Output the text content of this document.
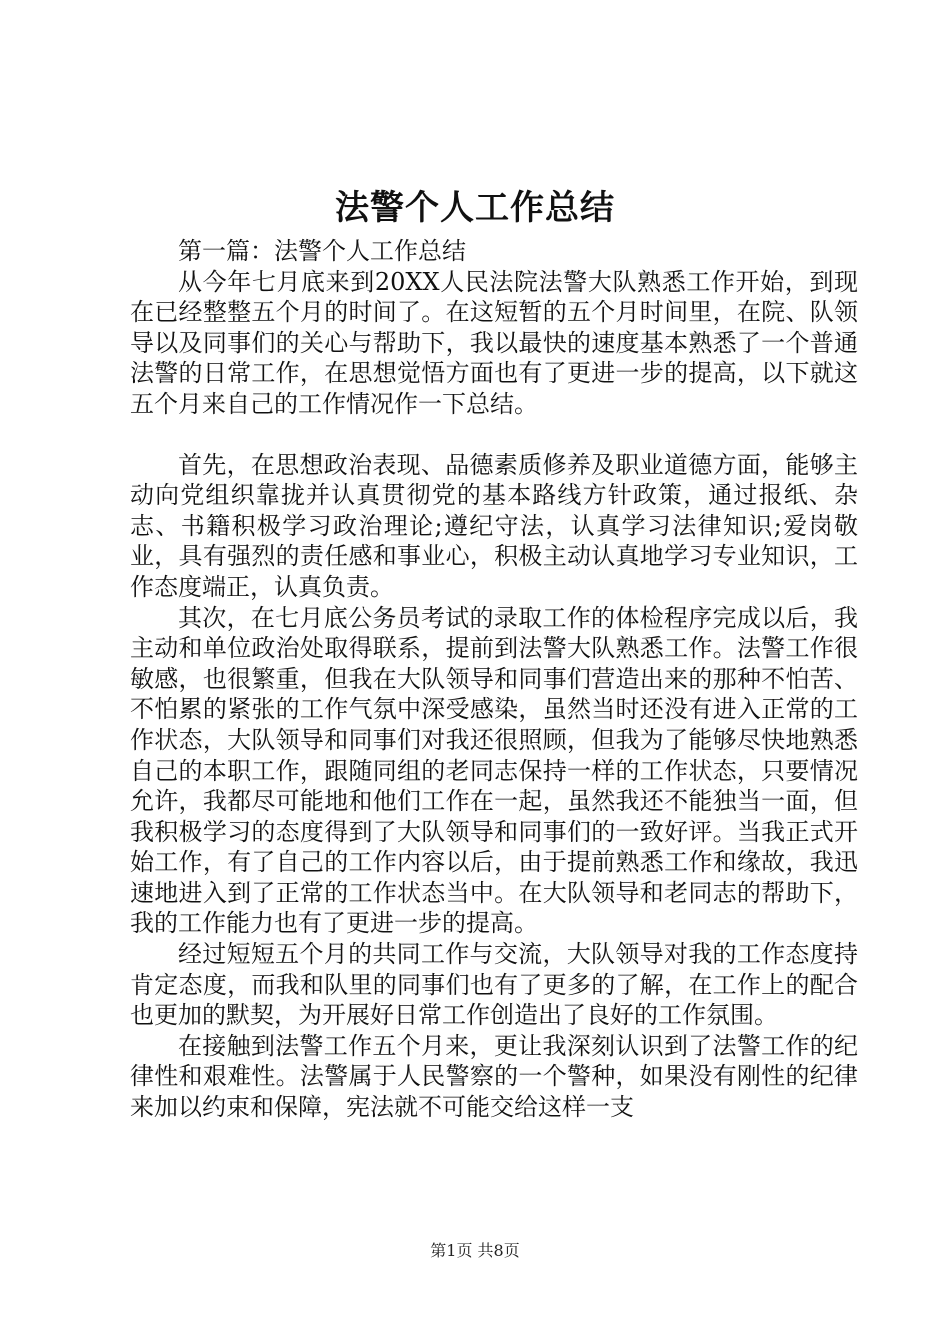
法警个人工作总结

第一篇：法警个人工作总结

从今年七月底来到20XX人民法院法警大队熟悉工作开始，到现在已经整整五个月的时间了。在这短暂的五个月时间里，在院、队领导以及同事们的关心与帮助下，我以最快的速度基本熟悉了一个普通法警的日常工作，在思想觉悟方面也有了更进一步的提高，以下就这五个月来自己的工作情况作一下总结。

首先，在思想政治表现、品德素质修养及职业道德方面，能够主动向党组织靠拢并认真贯彻党的基本路线方针政策，通过报纸、杂志、书籍积极学习政治理论;遵纪守法，认真学习法律知识;爱岗敬业，具有强烈的责任感和事业心，积极主动认真地学习专业知识，工作态度端正，认真负责。

其次，在七月底公务员考试的录取工作的体检程序完成以后，我主动和单位政治处取得联系，提前到法警大队熟悉工作。法警工作很敏感，也很繁重，但我在大队领导和同事们营造出来的那种不怕苦、不怕累的紧张的工作气氛中深受感染，虽然当时还没有进入正常的工作状态，大队领导和同事们对我还很照顾，但我为了能够尽快地熟悉自己的本职工作，跟随同组的老同志保持一样的工作状态，只要情况允许，我都尽可能地和他们工作在一起，虽然我还不能独当一面，但我积极学习的态度得到了大队领导和同事们的一致好评。当我正式开始工作，有了自己的工作内容以后，由于提前熟悉工作和缘故，我迅速地进入到了正常的工作状态当中。在大队领导和老同志的帮助下，我的工作能力也有了更进一步的提高。

经过短短五个月的共同工作与交流，大队领导对我的工作态度持肯定态度，而我和队里的同事们也有了更多的了解，在工作上的配合也更加的默契，为开展好日常工作创造出了良好的工作氛围。

在接触到法警工作五个月来，更让我深刻认识到了法警工作的纪律性和艰难性。法警属于人民警察的一个警种，如果没有刚性的纪律来加以约束和保障，宪法就不可能交给这样一支

第1页 共8页
